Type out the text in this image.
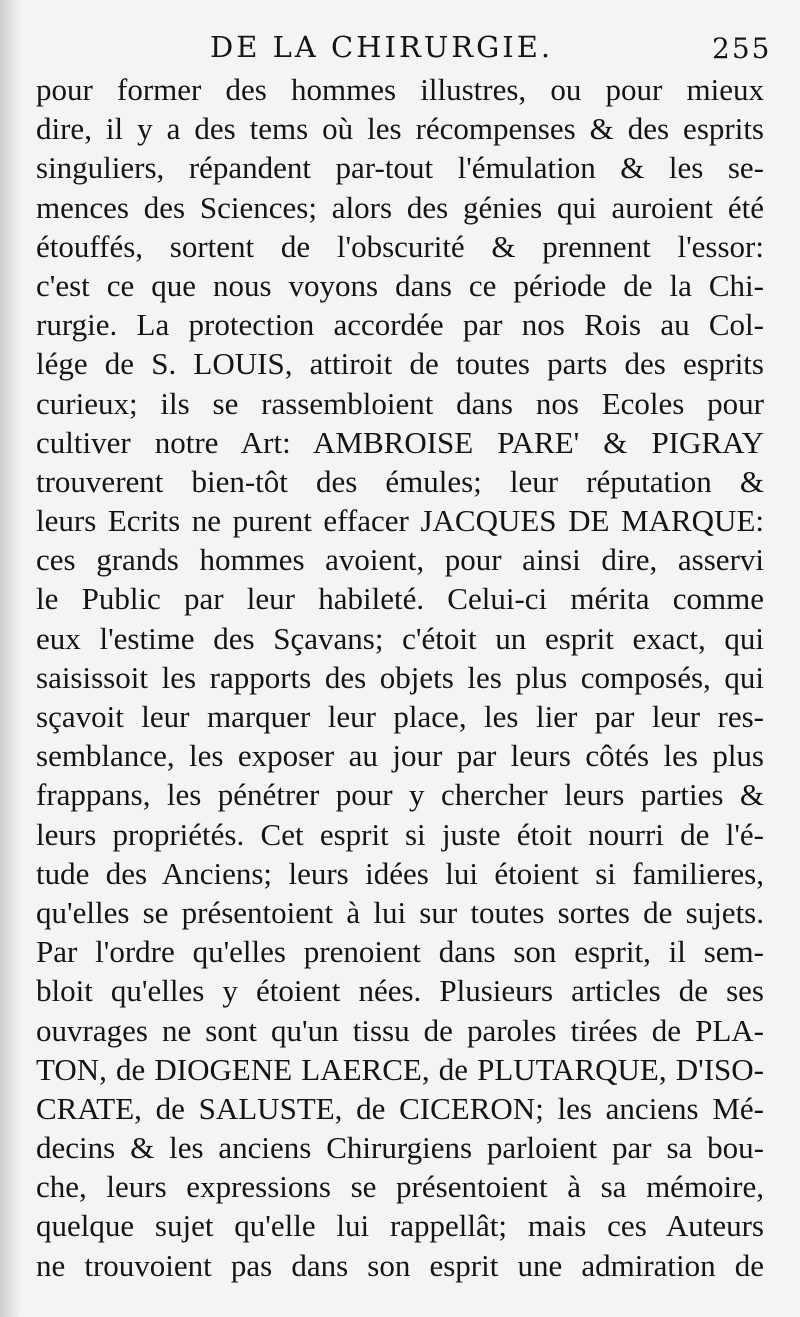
DE LA CHIRURGIE.	255
pour former des hommes illustres, ou pour mieux
dire, il y a des tems où les récompenses & des esprits
singuliers, répandent par-tout l'émulation & les se-
mences des Sciences; alors des génies qui auroient été
étouffés, sortent de l'obscurité & prennent l'essor:
c'est ce que nous voyons dans ce période de la Chi-
rurgie. La protection accordée par nos Rois au Col-
lége de S. LOUIS, attiroit de toutes parts des esprits
curieux; ils se rassembloient dans nos Ecoles pour
cultiver notre Art: AMBROISE PARE' & PIGRAY
trouverent bien-tôt des émules; leur réputation &
leurs Ecrits ne purent effacer JACQUES DE MARQUE:
ces grands hommes avoient, pour ainsi dire, asservi
le Public par leur habileté. Celui-ci mérita comme
eux l'estime des Sçavans; c'étoit un esprit exact, qui
saisissoit les rapports des objets les plus composés, qui
sçavoit leur marquer leur place, les lier par leur res-
semblance, les exposer au jour par leurs côtés les plus
frappans, les pénétrer pour y chercher leurs parties &
leurs propriétés. Cet esprit si juste étoit nourri de l'é-
tude des Anciens; leurs idées lui étoient si familieres,
qu'elles se présentoient à lui sur toutes sortes de sujets.
Par l'ordre qu'elles prenoient dans son esprit, il sem-
bloit qu'elles y étoient nées. Plusieurs articles de ses
ouvrages ne sont qu'un tissu de paroles tirées de PLA-
TON, de DIOGENE LAERCE, de PLUTARQUE, D'ISO-
CRATE, de SALUSTE, de CICERON; les anciens Mé-
decins & les anciens Chirurgiens parloient par sa bou-
che, leurs expressions se présentoient à sa mémoire,
quelque sujet qu'elle lui rappellât; mais ces Auteurs
ne trouvoient pas dans son esprit une admiration de
